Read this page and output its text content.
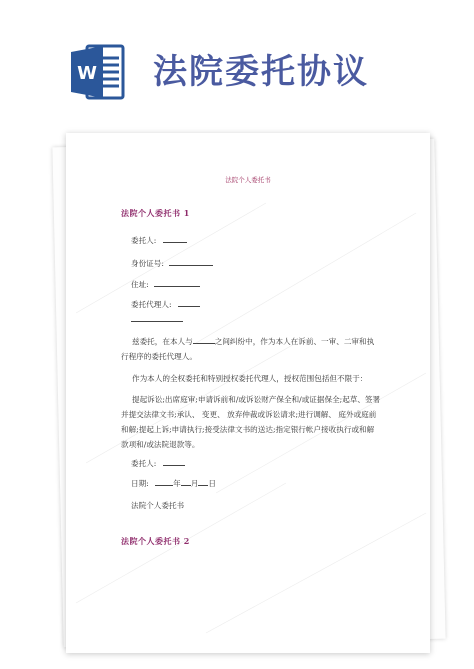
W 法院委托协议
法院个人委托书
法院个人委托书 1
委托人:
身份证号:
住址:
委托代理人:
兹委托，在本人与	之间纠纷中，作为本人在诉前、一审、二审和执行程序的委托代理人。
作为本人的全权委托和特别授权委托代理人，授权范围包括但不限于：
提起诉讼;出席庭审;申请诉前和/或诉讼财产保全和/或证据保全;起草、签署并提交法律文书;承认、 变更、 放弃仲裁或诉讼请求;进行调解、 庭外或庭前和解;提起上诉;申请执行;接受法律文书的送达;指定银行帐户接收执行或和解款项和/或法院退款等。
委托人:
日期:	年 月 日
法院个人委托书
法院个人委托书 2
